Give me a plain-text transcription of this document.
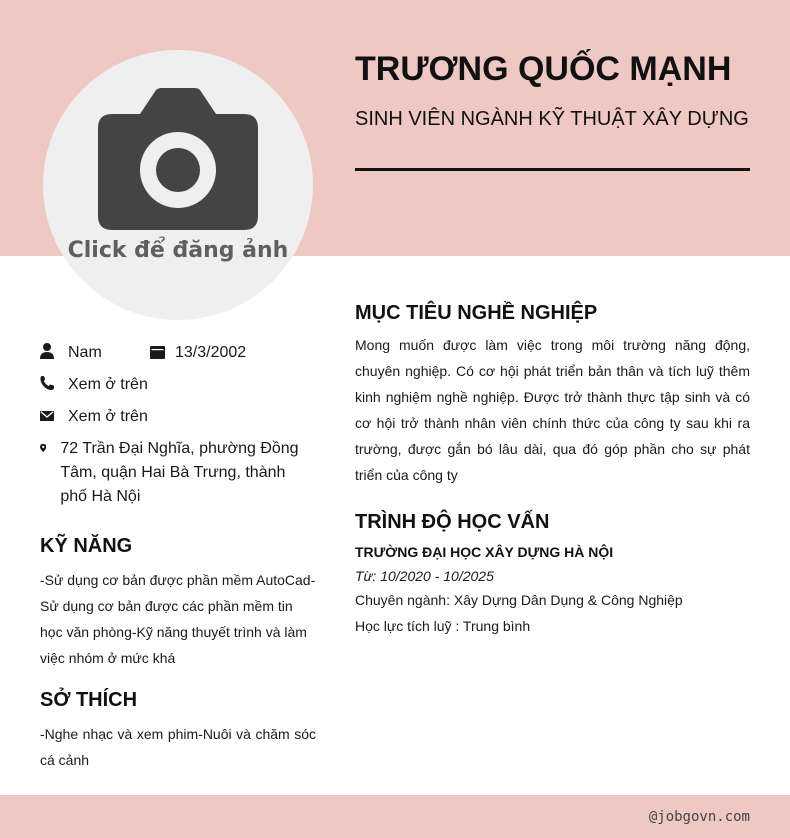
Click để đăng ảnh
TRƯƠNG QUỐC MẠNH
SINH VIÊN NGÀNH KỸ THUẬT XÂY DỰNG
Nam	13/3/2002
Xem ở trên
Xem ở trên
72 Trần Đại Nghĩa, phường Đồng Tâm, quận Hai Bà Trưng, thành phố Hà Nội
KỸ NĂNG
-Sử dụng cơ bản được phần mềm AutoCad-Sử dụng cơ bản được các phần mềm tin học văn phòng-Kỹ năng thuyết trình và làm việc nhóm ở mức khá
SỞ THÍCH
-Nghe nhạc và xem phim-Nuôi và chăm sóc cá cảnh
MỤC TIÊU NGHỀ NGHIỆP
Mong muốn được làm việc trong môi trường năng động, chuyên nghiệp. Có cơ hội phát triển bản thân và tích luỹ thêm kinh nghiệm nghề nghiệp. Được trở thành thực tập sinh và có cơ hội trở thành nhân viên chính thức của công ty sau khi ra trường, được gắn bó lâu dài, qua đó góp phần cho sự phát triển của công ty
TRÌNH ĐỘ HỌC VẤN
TRƯỜNG ĐẠI HỌC XÂY DỰNG HÀ NỘI
Từ: 10/2020 - 10/2025
Chuyên ngành: Xây Dựng Dân Dụng & Công Nghiệp
Học lực tích luỹ : Trung bình
@jobgovn.com
